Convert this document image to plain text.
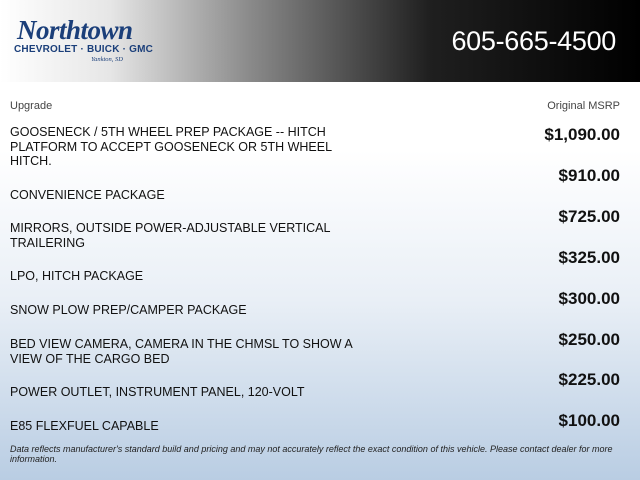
Northtown
CHEVROLET · BUICK · GMC
Yankton, SD
605-665-4500
Upgrade	Original MSRP
GOOSENECK / 5TH WHEEL PREP PACKAGE -- HITCH PLATFORM TO ACCEPT GOOSENECK OR 5TH WHEEL HITCH.
$1,090.00
CONVENIENCE PACKAGE
$910.00
MIRRORS, OUTSIDE POWER-ADJUSTABLE VERTICAL TRAILERING
$725.00
LPO, HITCH PACKAGE
$325.00
SNOW PLOW PREP/CAMPER PACKAGE
$300.00
BED VIEW CAMERA, CAMERA IN THE CHMSL TO SHOW A VIEW OF THE CARGO BED
$250.00
POWER OUTLET, INSTRUMENT PANEL, 120-VOLT
$225.00
E85 FLEXFUEL CAPABLE	$100.00
Data reflects manufacturer's standard build and pricing and may not accurately reflect the exact condition of this vehicle. Please contact dealer for more information.
